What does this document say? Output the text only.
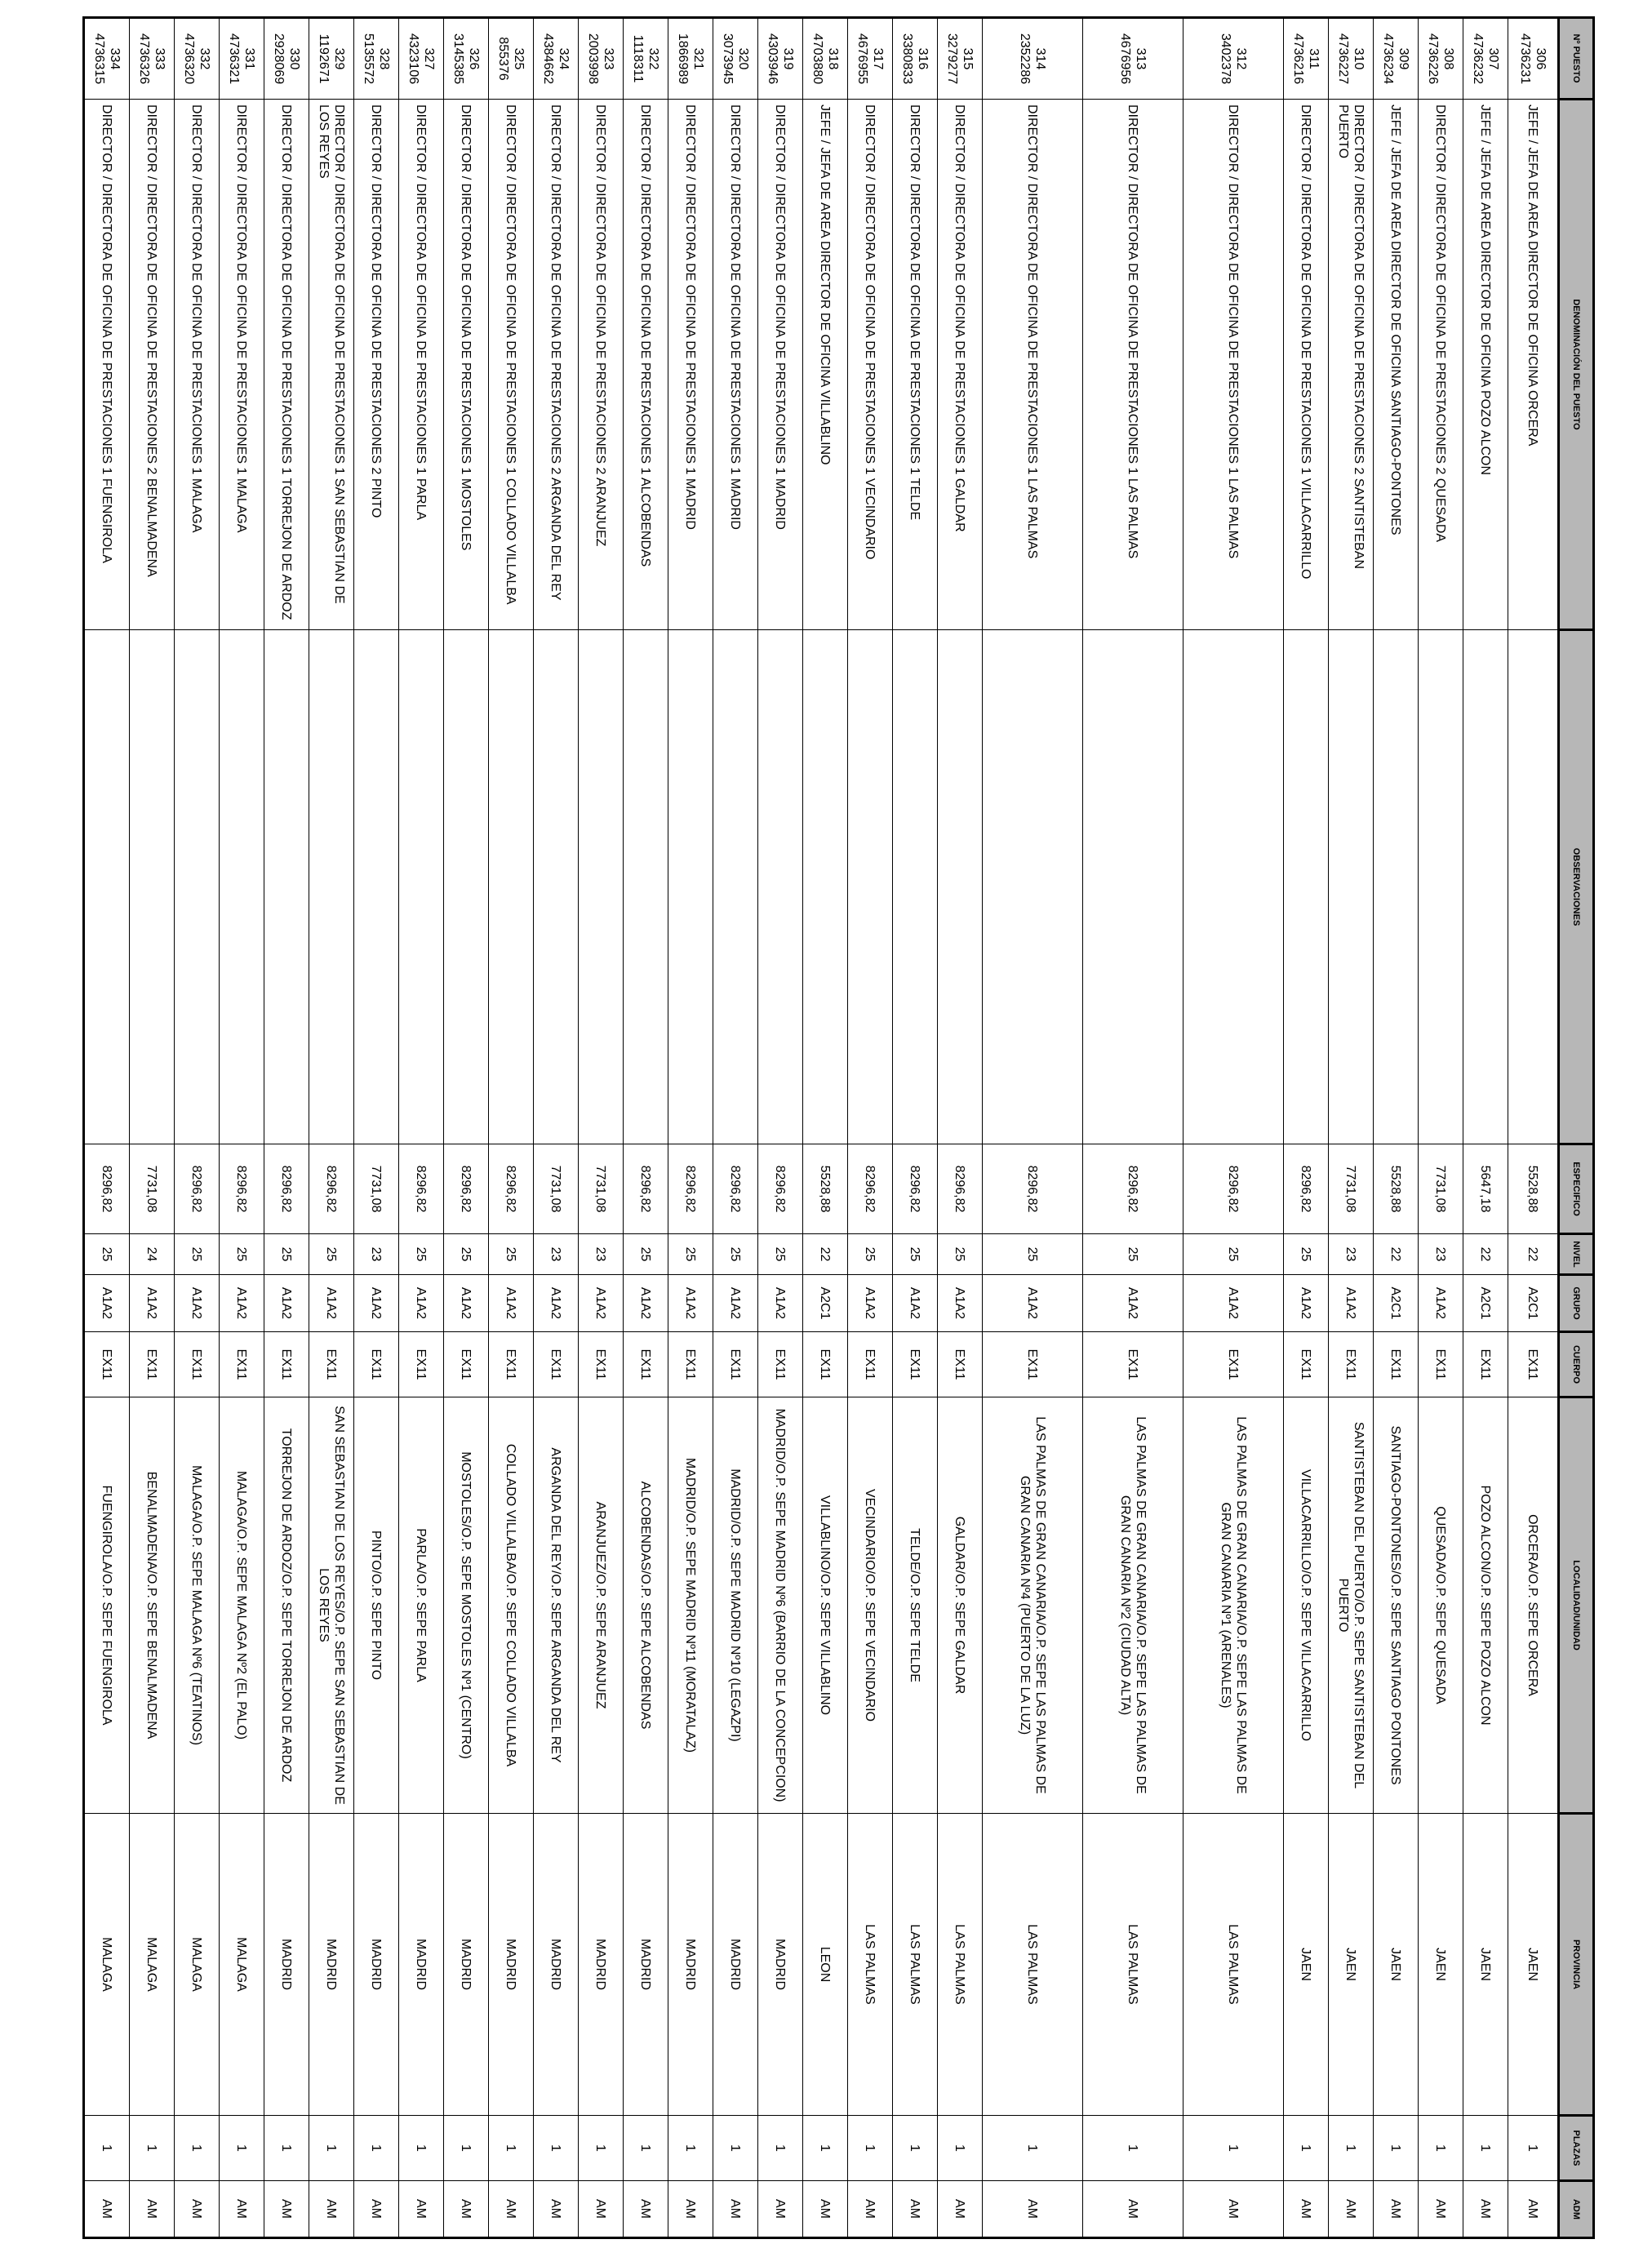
Nº PUESTO	DENOMINACIÓN DEL PUESTO	OBSERVACIONES	ESPECIFICO	NIVEL	GRUPO	CUERPO	LOCALIDAD/UNIDAD	PROVINCIA	PLAZAS	ADM

306
4736231	JEFE / JEFA DE AREA DIRECTOR DE OFICINA ORCERA		5528,88	22	A2C1	EX11	ORCERA/O.P. SEPE ORCERA	JAEN	1	AM

307
4736232	JEFE / JEFA DE AREA DIRECTOR DE OFICINA POZO ALCON		5647,18	22	A2C1	EX11	POZO ALCON/O.P. SEPE POZO ALCON	JAEN	1	AM

308
4736226	DIRECTOR / DIRECTORA DE OFICINA DE PRESTACIONES 2 QUESADA		7731,08	23	A1A2	EX11	QUESADA/O.P. SEPE QUESADA	JAEN	1	AM

309
4736234	JEFE / JEFA DE AREA DIRECTOR DE OFICINA SANTIAGO-PONTONES		5528,88	22	A2C1	EX11	SANTIAGO-PONTONES/O.P. SEPE SANTIAGO PONTONES	JAEN	1	AM

310
4736227	DIRECTOR / DIRECTORA DE OFICINA DE PRESTACIONES 2 SANTISTEBAN PUERTO		7731,08	23	A1A2	EX11	SANTISTEBAN DEL PUERTO/O.P. SEPE SANTISTEBAN DEL PUERTO	JAEN	1	AM

311
4736216	DIRECTOR / DIRECTORA DE OFICINA DE PRESTACIONES 1 VILLACARRILLO		8296,82	25	A1A2	EX11	VILLACARRILLO/O.P. SEPE VILLACARRILLO	JAEN	1	AM

312
3402378	DIRECTOR / DIRECTORA DE OFICINA DE PRESTACIONES 1 LAS PALMAS		8296,82	25	A1A2	EX11	LAS PALMAS DE GRAN CANARIA/O.P. SEPE LAS PALMAS DE GRAN CANARIA Nº1 (ARENALES)	LAS PALMAS	1	AM

313
4676956	DIRECTOR / DIRECTORA DE OFICINA DE PRESTACIONES 1 LAS PALMAS		8296,82	25	A1A2	EX11	LAS PALMAS DE GRAN CANARIA/O.P. SEPE LAS PALMAS DE GRAN CANARIA Nº2 (CIUDAD ALTA)	LAS PALMAS	1	AM

314
2352286	DIRECTOR / DIRECTORA DE OFICINA DE PRESTACIONES 1 LAS PALMAS		8296,82	25	A1A2	EX11	LAS PALMAS DE GRAN CANARIA/O.P. SEPE LAS PALMAS DE GRAN CANARIA Nº4 (PUERTO DE LA LUZ)	LAS PALMAS	1	AM

315
3279277	DIRECTOR / DIRECTORA DE OFICINA DE PRESTACIONES 1 GALDAR		8296,82	25	A1A2	EX11	GALDAR/O.P. SEPE GALDAR	LAS PALMAS	1	AM

316
3380833	DIRECTOR / DIRECTORA DE OFICINA DE PRESTACIONES 1 TELDE		8296,82	25	A1A2	EX11	TELDE/O.P. SEPE TELDE	LAS PALMAS	1	AM

317
4676955	DIRECTOR / DIRECTORA DE OFICINA DE PRESTACIONES 1 VECINDARIO		8296,82	25	A1A2	EX11	VECINDARIO/O.P. SEPE VECINDARIO	LAS PALMAS	1	AM

318
4703880	JEFE / JEFA DE AREA DIRECTOR DE OFICINA VILLABLINO		5528,88	22	A2C1	EX11	VILLABLINO/O.P. SEPE VILLABLINO	LEON	1	AM

319
4303946	DIRECTOR / DIRECTORA DE OFICINA DE PRESTACIONES 1 MADRID		8296,82	25	A1A2	EX11	MADRID/O.P. SEPE MADRID Nº6 (BARRIO DE LA CONCEPCION)	MADRID	1	AM

320
3073945	DIRECTOR / DIRECTORA DE OFICINA DE PRESTACIONES 1 MADRID		8296,82	25	A1A2	EX11	MADRID/O.P. SEPE MADRID Nº10 (LEGAZPI)	MADRID	1	AM

321
1866989	DIRECTOR / DIRECTORA DE OFICINA DE PRESTACIONES 1 MADRID		8296,82	25	A1A2	EX11	MADRID/O.P. SEPE MADRID Nº11 (MORATALAZ)	MADRID	1	AM

322
1118311	DIRECTOR / DIRECTORA DE OFICINA DE PRESTACIONES 1 ALCOBENDAS		8296,82	25	A1A2	EX11	ALCOBENDAS/O.P. SEPE ALCOBENDAS	MADRID	1	AM

323
2003998	DIRECTOR / DIRECTORA DE OFICINA DE PRESTACIONES 2 ARANJUEZ		7731,08	23	A1A2	EX11	ARANJUEZ/O.P. SEPE ARANJUEZ	MADRID	1	AM

324
4384662	DIRECTOR / DIRECTORA DE OFICINA DE PRESTACIONES 2 ARGANDA DEL REY		7731,08	23	A1A2	EX11	ARGANDA DEL REY/O.P. SEPE ARGANDA DEL REY	MADRID	1	AM

325
855376	DIRECTOR / DIRECTORA DE OFICINA DE PRESTACIONES 1 COLLADO VILLALBA		8296,82	25	A1A2	EX11	COLLADO VILLALBA/O.P. SEPE COLLADO VILLALBA	MADRID	1	AM

326
3145385	DIRECTOR / DIRECTORA DE OFICINA DE PRESTACIONES 1 MOSTOLES		8296,82	25	A1A2	EX11	MOSTOLES/O.P. SEPE MOSTOLES Nº1 (CENTRO)	MADRID	1	AM

327
4323106	DIRECTOR / DIRECTORA DE OFICINA DE PRESTACIONES 1 PARLA		8296,82	25	A1A2	EX11	PARLA/O.P. SEPE PARLA	MADRID	1	AM

328
5135572	DIRECTOR / DIRECTORA DE OFICINA DE PRESTACIONES 2 PINTO		7731,08	23	A1A2	EX11	PINTO/O.P. SEPE PINTO	MADRID	1	AM

329
1192671	DIRECTOR / DIRECTORA DE OFICINA DE PRESTACIONES 1 SAN SEBASTIAN DE LOS REYES		8296,82	25	A1A2	EX11	SAN SEBASTIAN DE LOS REYES/O.P. SEPE SAN SEBASTIAN DE LOS REYES	MADRID	1	AM

330
2928069	DIRECTOR / DIRECTORA DE OFICINA DE PRESTACIONES 1 TORREJON DE ARDOZ		8296,82	25	A1A2	EX11	TORREJON DE ARDOZ/O.P. SEPE TORREJON DE ARDOZ	MADRID	1	AM

331
4736321	DIRECTOR / DIRECTORA DE OFICINA DE PRESTACIONES 1 MALAGA		8296,82	25	A1A2	EX11	MALAGA/O.P. SEPE MALAGA Nº2 (EL PALO)	MALAGA	1	AM

332
4736320	DIRECTOR / DIRECTORA DE OFICINA DE PRESTACIONES 1 MALAGA		8296,82	25	A1A2	EX11	MALAGA/O.P. SEPE MALAGA Nº6 (TEATINOS)	MALAGA	1	AM

333
4736326	DIRECTOR / DIRECTORA DE OFICINA DE PRESTACIONES 2 BENALMADENA		7731,08	24	A1A2	EX11	BENALMADENA/O.P. SEPE BENALMADENA	MALAGA	1	AM

334
4736315	DIRECTOR / DIRECTORA DE OFICINA DE PRESTACIONES 1 FUENGIROLA		8296,82	25	A1A2	EX11	FUENGIROLA/O.P. SEPE FUENGIROLA	MALAGA	1	AM
